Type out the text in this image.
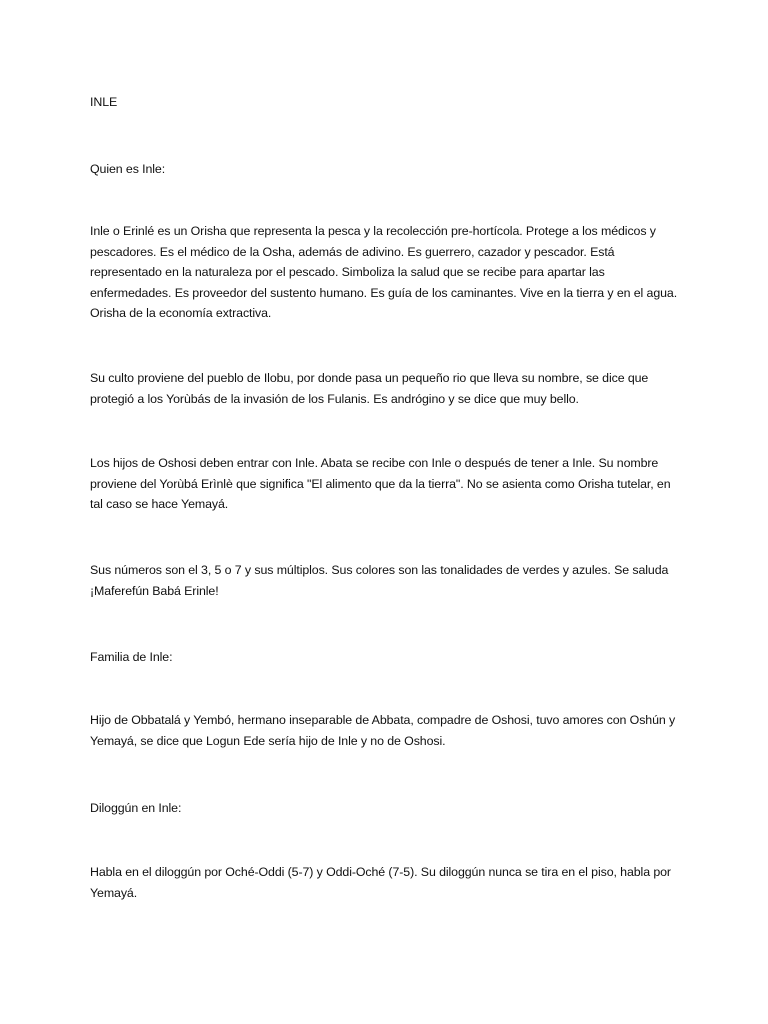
INLE

Quien es Inle:

Inle o Erinlé es un Orisha que representa la pesca y la recolección pre-hortícola. Protege a los médicos y pescadores. Es el médico de la Osha, además de adivino. Es guerrero, cazador y pescador. Está representado en la naturaleza por el pescado. Simboliza la salud que se recibe para apartar las enfermedades. Es proveedor del sustento humano. Es guía de los caminantes. Vive en la tierra y en el agua. Orisha de la economía extractiva.

Su culto proviene del pueblo de Ilobu, por donde pasa un pequeño rio que lleva su nombre, se dice que protegió a los Yorùbás de la invasión de los Fulanis. Es andrógino y se dice que muy bello.

Los hijos de Oshosi deben entrar con Inle. Abata se recibe con Inle o después de tener a Inle. Su nombre proviene del Yorùbá Erìnlè que significa "El alimento que da la tierra". No se asienta como Orisha tutelar, en tal caso se hace Yemayá.

Sus números son el 3, 5 o 7 y sus múltiplos. Sus colores son las tonalidades de verdes y azules. Se saluda ¡Maferefún Babá Erinle!

Familia de Inle:

Hijo de Obbatalá y Yembó, hermano inseparable de Abbata, compadre de Oshosi, tuvo amores con Oshún y Yemayá, se dice que Logun Ede sería hijo de Inle y no de Oshosi.

Diloggún en Inle:

Habla en el diloggún por Oché-Oddi (5-7) y Oddi-Oché (7-5). Su diloggún nunca se tira en el piso, habla por Yemayá.
